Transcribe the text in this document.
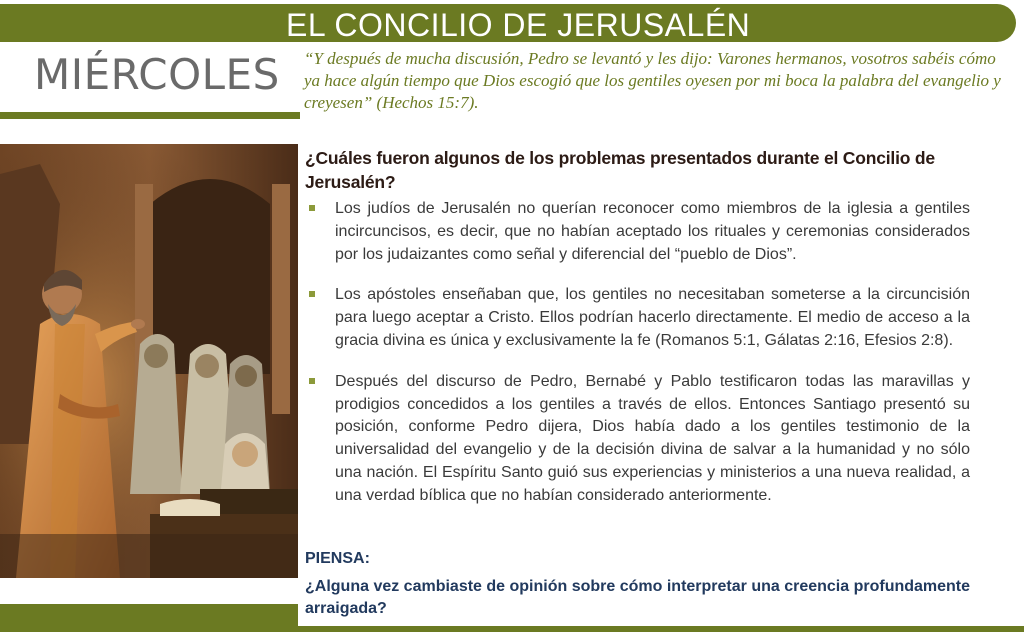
EL CONCILIO DE JERUSALÉN
MIÉRCOLES “Y después de mucha discusión, Pedro se levantó y les dijo: Varones hermanos, vosotros sabéis cómo ya hace algún tiempo que Dios escogió que los gentiles oyesen por mi boca la palabra del evangelio y creyesen” (Hechos 15:7).
¿Cuáles fueron algunos de los problemas presentados durante el Concilio de Jerusalén?
Los judíos de Jerusalén no querían reconocer como miembros de la iglesia a gentiles incircuncisos, es decir, que no habían aceptado los rituales y ceremonias considerados por los judaizantes como señal y diferencial del “pueblo de Dios”.
Los apóstoles enseñaban que, los gentiles no necesitaban someterse a la circuncisión para luego aceptar a Cristo. Ellos podrían hacerlo directamente. El medio de acceso a la gracia divina es única y exclusivamente la fe (Romanos 5:1, Gálatas 2:16, Efesios 2:8).
Después del discurso de Pedro, Bernabé y Pablo testificaron todas las maravillas y prodigios concedidos a los gentiles a través de ellos. Entonces Santiago presentó su posición, conforme Pedro dijera, Dios había dado a los gentiles testimonio de la universalidad del evangelio y de la decisión divina de salvar a la humanidad y no sólo una nación. El Espíritu Santo guió sus experiencias y ministerios a una nueva realidad, a una verdad bíblica que no habían considerado anteriormente.
PIENSA:
¿Alguna vez cambiaste de opinión sobre cómo interpretar una creencia profundamente arraigada?
